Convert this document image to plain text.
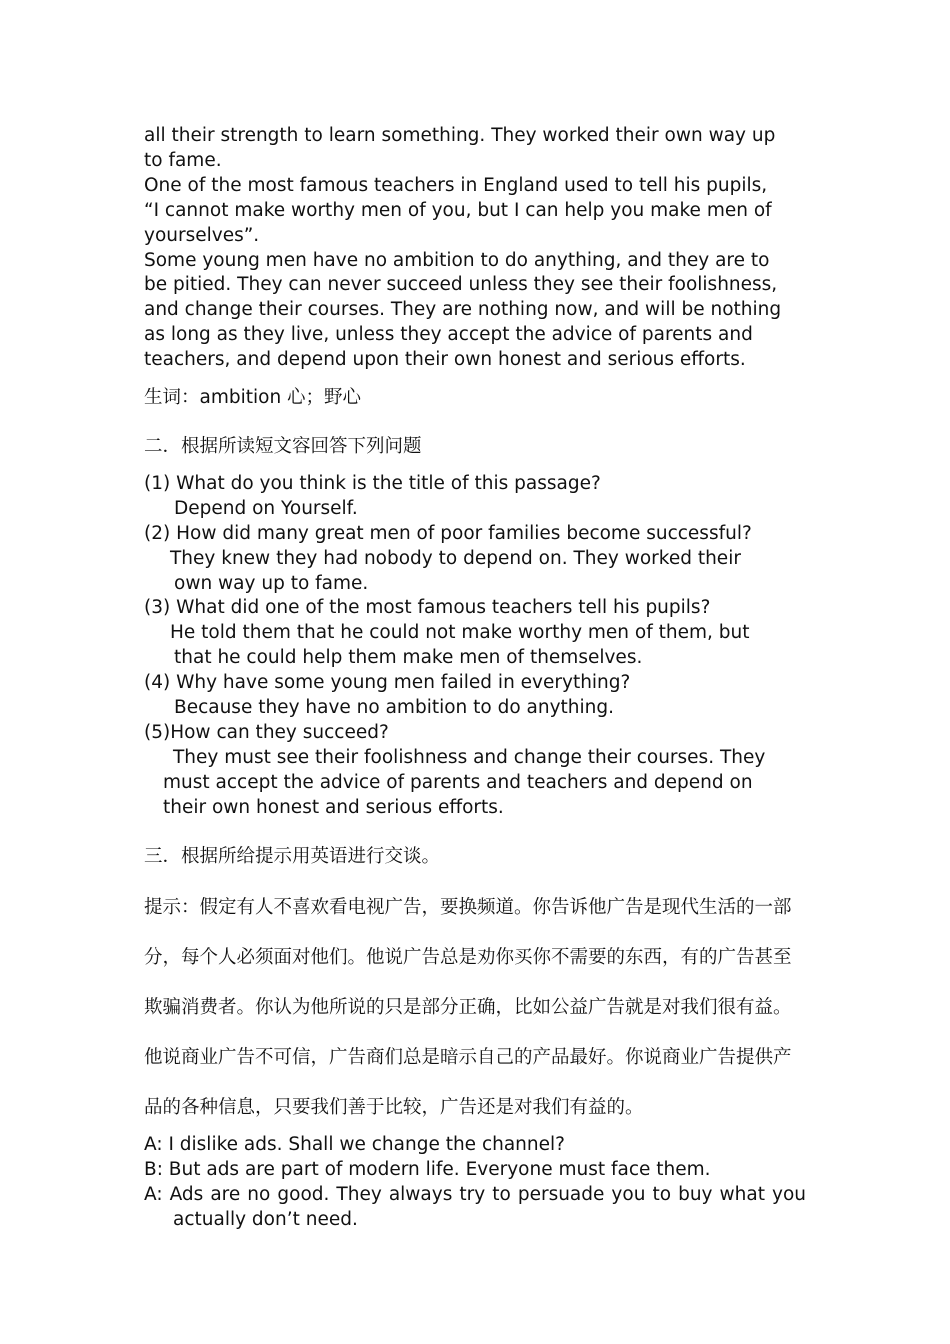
all their strength to learn something. They worked their own way up
to fame.
One of the most famous teachers in England used to tell his pupils,
“I cannot make worthy men of you, but I can help you make men of
yourselves”.
Some young men have no ambition to do anything, and they are to
be pitied. They can never succeed unless they see their foolishness,
and change their courses. They are nothing now, and will be nothing
as long as they live, unless they accept the advice of parents and
teachers, and depend upon their own honest and serious efforts.
生词：ambition 心；野心
二．根据所读短文容回答下列问题
(1) What do you think is the title of this passage?
Depend on Yourself.
(2) How did many great men of poor families become successful?
They knew they had nobody to depend on. They worked their
own way up to fame.
(3) What did one of the most famous teachers tell his pupils?
He told them that he could not make worthy men of them, but
that he could help them make men of themselves.
(4) Why have some young men failed in everything?
Because they have no ambition to do anything.
(5)How can they succeed?
They must see their foolishness and change their courses. They
must accept the advice of parents and teachers and depend on
their own honest and serious efforts.
三．根据所给提示用英语进行交谈。
提示：假定有人不喜欢看电视广告，要换频道。你告诉他广告是现代生活的一部
分，每个人必须面对他们。他说广告总是劝你买你不需要的东西，有的广告甚至
欺骗消费者。你认为他所说的只是部分正确，比如公益广告就是对我们很有益。
他说商业广告不可信，广告商们总是暗示自己的产品最好。你说商业广告提供产
品的各种信息，只要我们善于比较，广告还是对我们有益的。
A: I dislike ads. Shall we change the channel?
B: But ads are part of modern life. Everyone must face them.
A: Ads are no good. They always try to persuade you to buy what you actually don’t need.
